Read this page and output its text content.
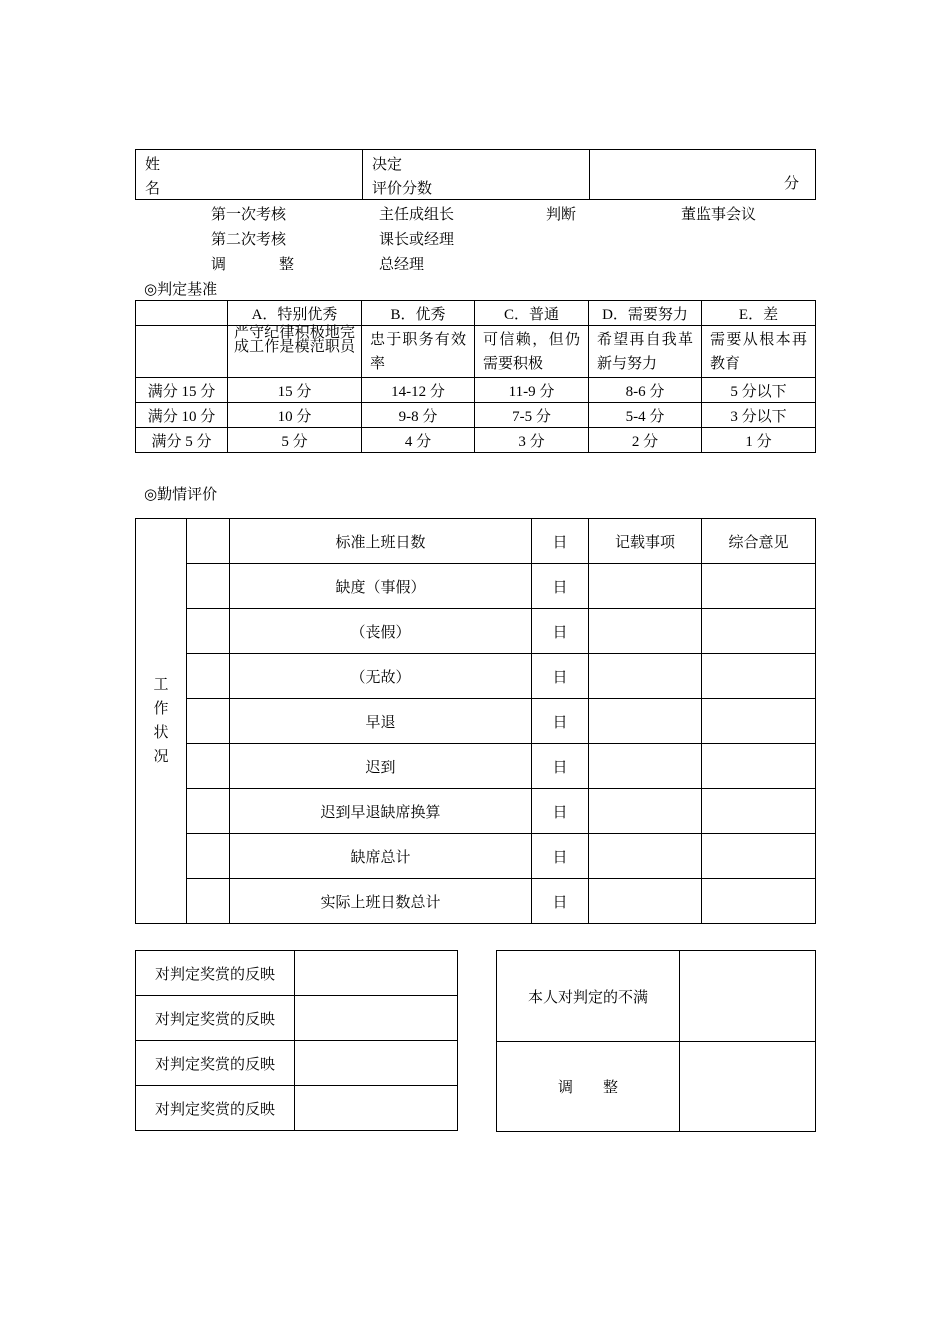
姓
名

决定
评价分数	分
第一次考核	主任成组长	判断	董监事会议
第二次考核	课长或经理
调	整	总经理
◎判定基准
	A．特别优秀	B．优秀	C．普通	D．需要努力	E．差

	严守纪律积极地完成工作是模范职员	忠于职务有效率	可信赖，但仍需要积极	希望再自我革新与努力	需要从根本再教育

满分 15 分	15 分	14-12 分	11-9 分	8-6 分	5 分以下
满分 10 分	10 分	9-8 分	7-5 分	5-4 分	3 分以下
满分 5 分	5 分	4 分	3 分	2 分	1 分
◎勤情评价
工
作
状
况		标准上班日数	日	记载事项	综合意见
		缺度（事假）	日		
		（丧假）	日		
		（无故）	日		
		早退	日		
		迟到	日		
		迟到早退缺席换算	日		
		缺席总计	日		
		实际上班日数总计	日		
对判定奖赏的反映	
对判定奖赏的反映	
对判定奖赏的反映	
对判定奖赏的反映	
本人对判定的不满	
调 整	
